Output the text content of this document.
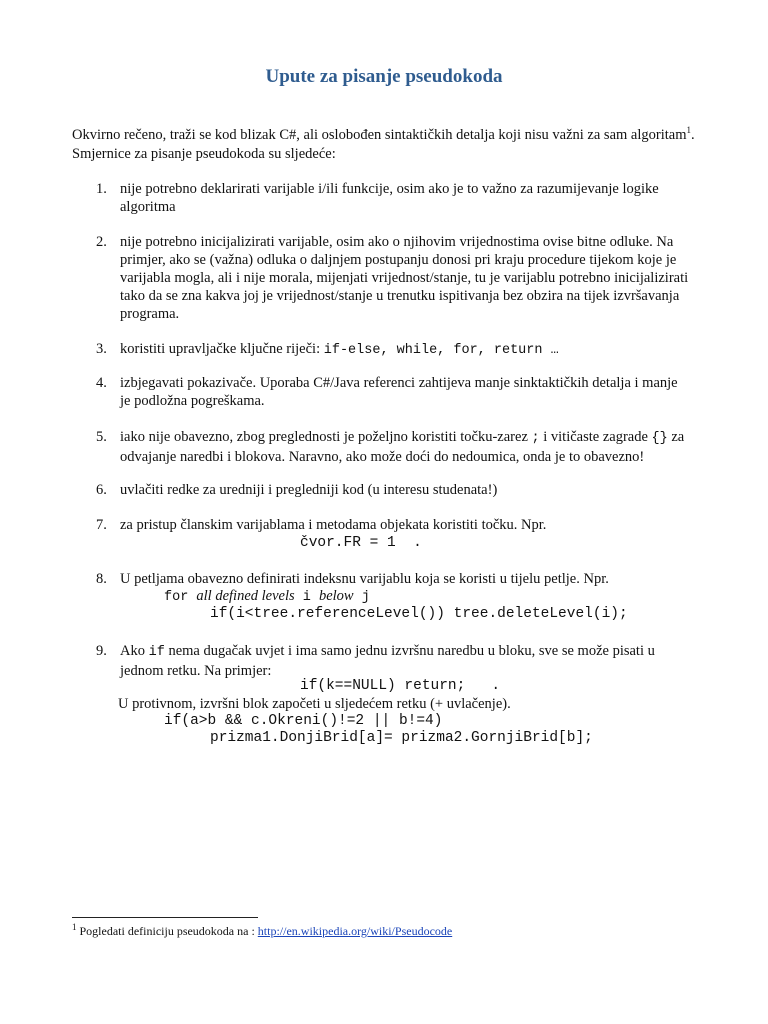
Upute za pisanje pseudokoda
Okvirno rečeno, traži se kod blizak C#, ali oslobođen sintaktičkih detalja koji nisu važni za sam algoritam$^1$.
Smjernice za pisanje pseudokoda su sljedeće:
1. nije potrebno deklarirati varijable i/ili funkcije, osim ako je to važno za razumijevanje logike algoritma
2. nije potrebno inicijalizirati varijable, osim ako o njihovim vrijednostima ovise bitne odluke. Na primjer, ako se (važna) odluka o daljnjem postupanju donosi pri kraju procedure tijekom koje je varijabla mogla, ali i nije morala, mijenjati vrijednost/stanje, tu je varijablu potrebno inicijalizirati tako da se zna kakva joj je vrijednost/stanje u trenutku ispitivanja bez obzira na tijek izvršavanja programa.
3. koristiti upravljačke ključne riječi: if-else, while, for, return …
4. izbjegavati pokazivače. Uporaba C#/Java referenci zahtijeva manje sinktaktičkih detalja i manje je podložna pogreškama.
5. iako nije obavezno, zbog preglednosti je poželjno koristiti točku-zarez ; i vitičaste zagrade {} za odvajanje naredbi i blokova. Naravno, ako može doći do nedoumica, onda je to obavezno!
6. uvlačiti redke za uredniji i pregledniji kod (u interesu studenata!)
7. za pristup članskim varijablama i metodama objekata koristiti točku. Npr.
čvor.FR = 1  .
8. U petljama obavezno definirati indeksnu varijablu koja se koristi u tijelu petlje. Npr.
for all defined levels i below j
if(i<tree.referenceLevel()) tree.deleteLevel(i);
9. Ako if nema dugačak uvjet i ima samo jednu izvršnu naredbu u bloku, sve se može pisati u jednom retku. Na primjer:
if(k==NULL) return;   .
U protivnom, izvršni blok započeti u sljedećem retku (+ uvlačenje).
if(a>b && c.Okreni()!=2 || b!=4)
prizma1.DonjiBrid[a]= prizma2.GornjiBrid[b];
$^1$ Pogledati definiciju pseudokoda na : http://en.wikipedia.org/wiki/Pseudocode
